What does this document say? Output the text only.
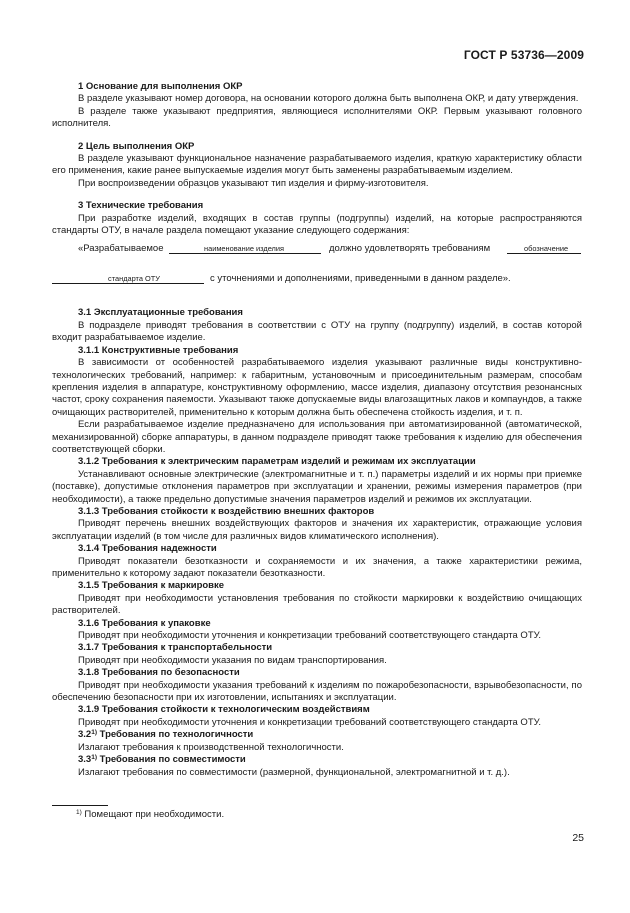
ГОСТ Р 53736—2009

1 Основание для выполнения ОКР

В разделе указывают номер договора, на основании которого должна быть выполнена ОКР, и дату утверждения.

В разделе также указывают предприятия, являющиеся исполнителями ОКР. Первым указывают головного исполнителя.

2 Цель выполнения ОКР

В разделе указывают функциональное назначение разрабатываемого изделия, краткую характеристику области его применения, какие ранее выпускаемые изделия могут быть заменены разрабатываемым изделием.

При воспроизведении образцов указывают тип изделия и фирму-изготовителя.

3 Технические требования

При разработке изделий, входящих в состав группы (подгруппы) изделий, на которые распространяются стандарты ОТУ, в начале раздела помещают указание следующего содержания:

«Разрабатываемое	должно удовлетворять требованиям
наименование изделия	обозначение
с уточнениями и дополнениями, приведенными в данном разделе».
стандарта ОТУ

3.1 Эксплуатационные требования

В подразделе приводят требования в соответствии с ОТУ на группу (подгруппу) изделий, в состав которой входит разрабатываемое изделие.

3.1.1 Конструктивные требования

В зависимости от особенностей разрабатываемого изделия указывают различные виды конструктивно-технологических требований, например: к габаритным, установочным и присоединительным размерам, способам крепления изделия в аппаратуре, конструктивному оформлению, массе изделия, диапазону отсутствия резонансных частот, сроку сохранения паяемости. Указывают также допускаемые виды влагозащитных лаков и компаундов, а также очищающих растворителей, применительно к которым должна быть обеспечена стойкость изделия, и т. п.

Если разрабатываемое изделие предназначено для использования при автоматизированной (автоматической, механизированной) сборке аппаратуры, в данном подразделе приводят также требования к изделию для обеспечения соответствующей сборки.

3.1.2 Требования к электрическим параметрам изделий и режимам их эксплуатации

Устанавливают основные электрические (электромагнитные и т. п.) параметры изделий и их нормы при приемке (поставке), допустимые отклонения параметров при эксплуатации и хранении, режимы измерения параметров (при необходимости), а также предельно допустимые значения параметров изделий и режимов их эксплуатации.

3.1.3 Требования стойкости к воздействию внешних факторов

Приводят перечень внешних воздействующих факторов и значения их характеристик, отражающие условия эксплуатации изделий (в том числе для различных видов климатического исполнения).

3.1.4 Требования надежности

Приводят показатели безотказности и сохраняемости и их значения, а также характеристики режима, применительно к которому задают показатели безотказности.

3.1.5 Требования к маркировке

Приводят при необходимости установления требования по стойкости маркировки к воздействию очищающих растворителей.

3.1.6 Требования к упаковке

Приводят при необходимости уточнения и конкретизации требований соответствующего стандарта ОТУ.

3.1.7 Требования к транспортабельности

Приводят при необходимости указания по видам транспортирования.

3.1.8 Требования по безопасности

Приводят при необходимости указания требований к изделиям по пожаробезопасности, взрывобезопасности, по обеспечению безопасности при их изготовлении, испытаниях и эксплуатации.

3.1.9 Требования стойкости к технологическим воздействиям

Приводят при необходимости уточнения и конкретизации требований соответствующего стандарта ОТУ.

3.2$^{1)}$ Требования по технологичности

Излагают требования к производственной технологичности.

3.3$^{1)}$ Требования по совместимости

Излагают требования по совместимости (размерной, функциональной, электромагнитной и т. д.).

$^{1)}$ Помещают при необходимости.
25
